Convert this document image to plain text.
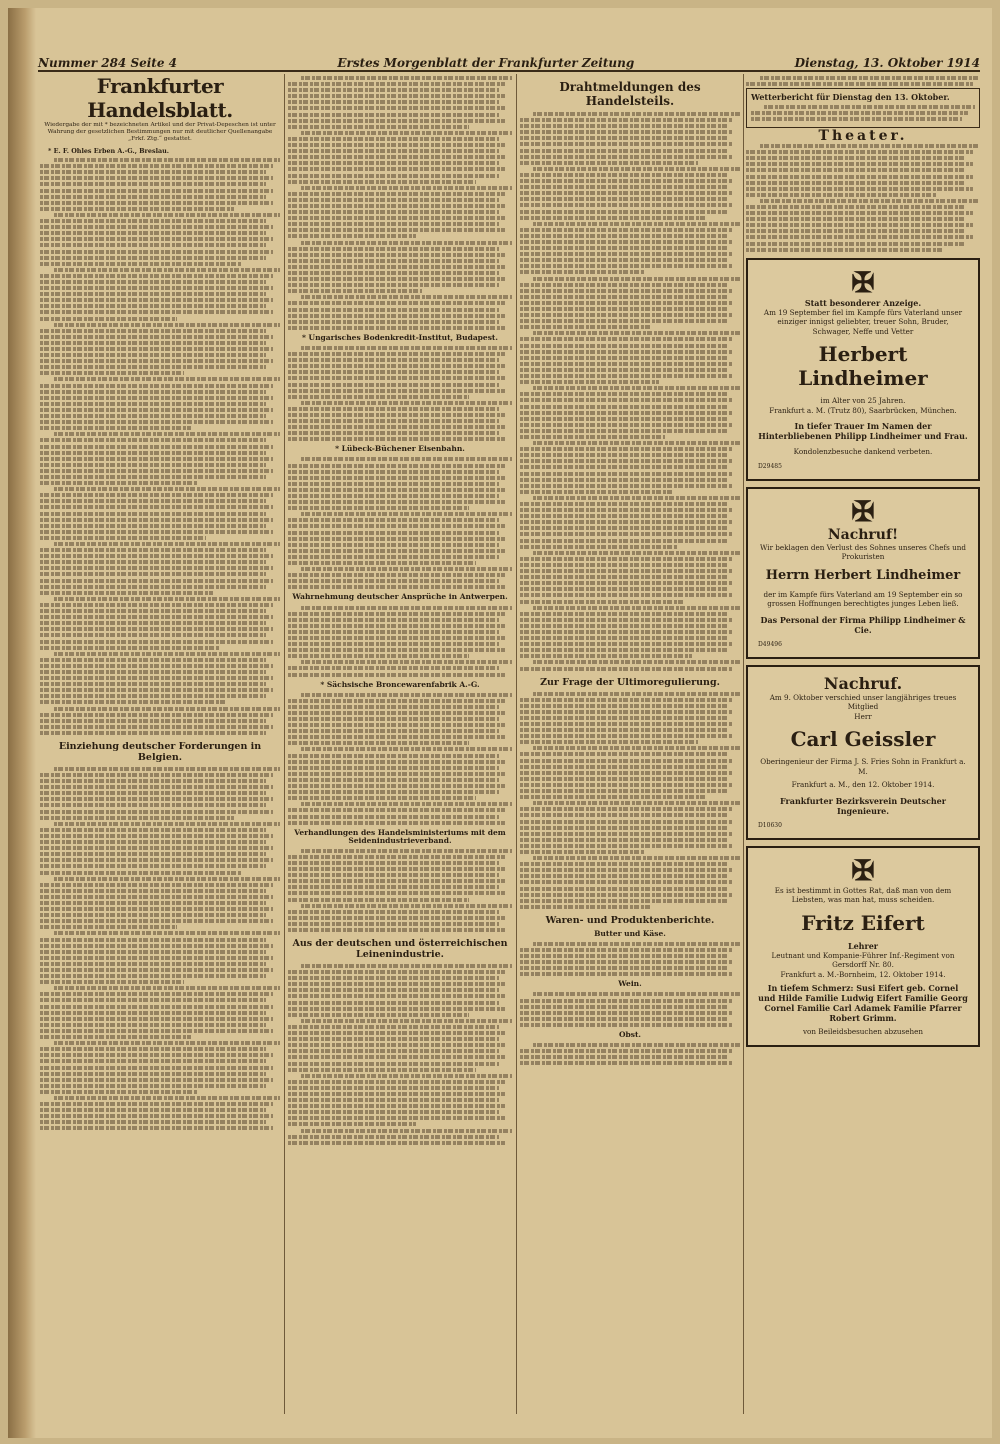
Nummer 284 Seite 4	Erstes Morgenblatt der Frankfurter Zeitung	Dienstag, 13. Oktober 1914
Frankfurter Handelsblatt.
Wiedergabe der mit * bezeichneten Artikel und der Privat-Depeschen ist unter Wahrung der gesetzlichen Bestimmungen nur mit deutlicher Quellenangabe „Frkf. Ztg.“ gestattet.

* E. F. Ohles Erben A.-G., Breslau.

Einziehung deutscher Forderungen in Belgien.
* Ungarisches Bodenkredit-Institut, Budapest.
* Lübeck-Büchener Eisenbahn.
Wahrnehmung deutscher Ansprüche in Antwerpen.
* Sächsische Broncewarenfabrik A.-G.
Verhandlungen des Handelsministeriums mit dem Seidenindustrieverband.
Aus der deutschen und österreichischen Leinenindustrie.
Drahtmeldungen des Handelsteils.
Zur Frage der Ultimoregulierung.
Waren- und Produktenberichte.
Butter und Käse.
Wein.
Obst.
Wetterbericht für Dienstag den 13. Oktober.
Theater.
✠
Statt besonderer Anzeige.
Am 19 September fiel im Kampfe fürs Vaterland unser einziger innigst geliebter, treuer Sohn, Bruder, Schwager, Neffe und Vetter
Herbert Lindheimer
im Alter von 25 Jahren.
Frankfurt a. M. (Trutz 80), Saarbrücken, München.
In tiefer Trauer Im Namen der Hinterbliebenen Philipp Lindheimer und Frau.
Kondolenzbesuche dankend verbeten.
D29485
✠
Nachruf!
Wir beklagen den Verlust des Sohnes unseres Chefs und Prokuristen
Herrn Herbert Lindheimer
der im Kampfe fürs Vaterland am 19 September ein so grossen Hoffnungen berechtigtes junges Leben ließ.
Das Personal der Firma Philipp Lindheimer & Cie.
D49496
Nachruf.
Am 9. Oktober verschied unser langjähriges treues Mitglied
Herr
Carl Geissler
Oberingenieur der Firma J. S. Fries Sohn in Frankfurt a. M.
Frankfurt a. M., den 12. Oktober 1914.
Frankfurter Bezirksverein Deutscher Ingenieure.
D10630
✠
Es ist bestimmt in Gottes Rat, daß man von dem Liebsten, was man hat, muss scheiden.
Fritz Eifert
Lehrer
Leutnant und Kompanie-Führer Inf.-Regiment von Gersdorff Nr. 80.
Frankfurt a. M.-Bornheim, 12. Oktober 1914.
In tiefem Schmerz: Susi Eifert geb. Cornel und Hilde Familie Ludwig Eifert Familie Georg Cornel Familie Carl Adamek Familie Pfarrer Robert Grimm.
von Beileidsbesuchen abzusehen
